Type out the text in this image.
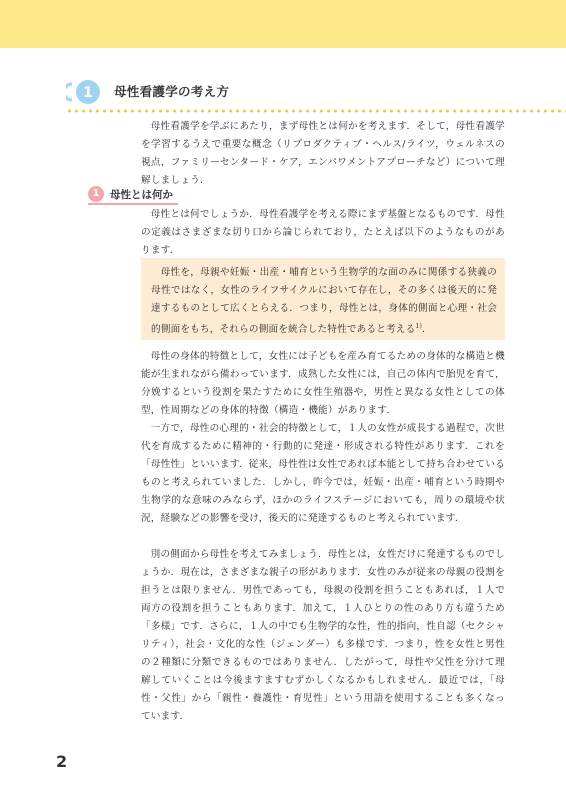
1 母性看護学の考え方

母性看護学を学ぶにあたり，まず母性とは何かを考えます．そして，母性看護学を学習するうえで重要な概念（リプロダクティブ・ヘルス/ライツ，ウェルネスの視点，ファミリーセンタード・ケア，エンパワメントアプローチなど）について理解しましょう．

1	母性とは何か

母性とは何でしょうか．母性看護学を考える際にまず基盤となるものです．母性の定義はさまざまな切り口から論じられており，たとえば以下のようなものがあります．

母性を，母親や妊娠・出産・哺育という生物学的な面のみに関係する狭義の母性ではなく，女性のライフサイクルにおいて存在し，その多くは後天的に発達するものとして広くとらえる．つまり，母性とは，身体的側面と心理・社会的側面をもち，それらの側面を統合した特性であると考える$^{1)}$．

母性の身体的特徴として，女性には子どもを産み育てるための身体的な構造と機能が生まれながら備わっています．成熟した女性には，自己の体内で胎児を育て，分娩するという役割を果たすために女性生殖器や，男性と異なる女性としての体型，性周期などの身体的特徴（構造・機能）があります．

一方で，母性の心理的・社会的特徴として，１人の女性が成長する過程で，次世代を育成するために精神的・行動的に発達・形成される特性があります．これを「母性性」といいます．従来，母性性は女性であれば本能として持ち合わせているものと考えられていました．しかし，昨今では，妊娠・出産・哺育という時期や生物学的な意味のみならず，ほかのライフステージにおいても，周りの環境や状況，経験などの影響を受け，後天的に発達するものと考えられています．

別の側面から母性を考えてみましょう．母性とは，女性だけに発達するものでしょうか．現在は，さまざまな親子の形があります．女性のみが従来の母親の役割を担うとは限りません．男性であっても，母親の役割を担うこともあれば，１人で両方の役割を担うこともあります．加えて，１人ひとりの性のあり方も違うため「多様」です．さらに，１人の中でも生物学的な性，性的指向，性自認（セクシャリティ），社会・文化的な性（ジェンダー）も多様です．つまり，性を女性と男性の２種類に分類できるものではありません．したがって，母性や父性を分けて理解していくことは今後ますますむずかしくなるかもしれません．最近では，「母性・父性」から「親性・養護性・育児性」という用語を使用することも多くなっています．

2
